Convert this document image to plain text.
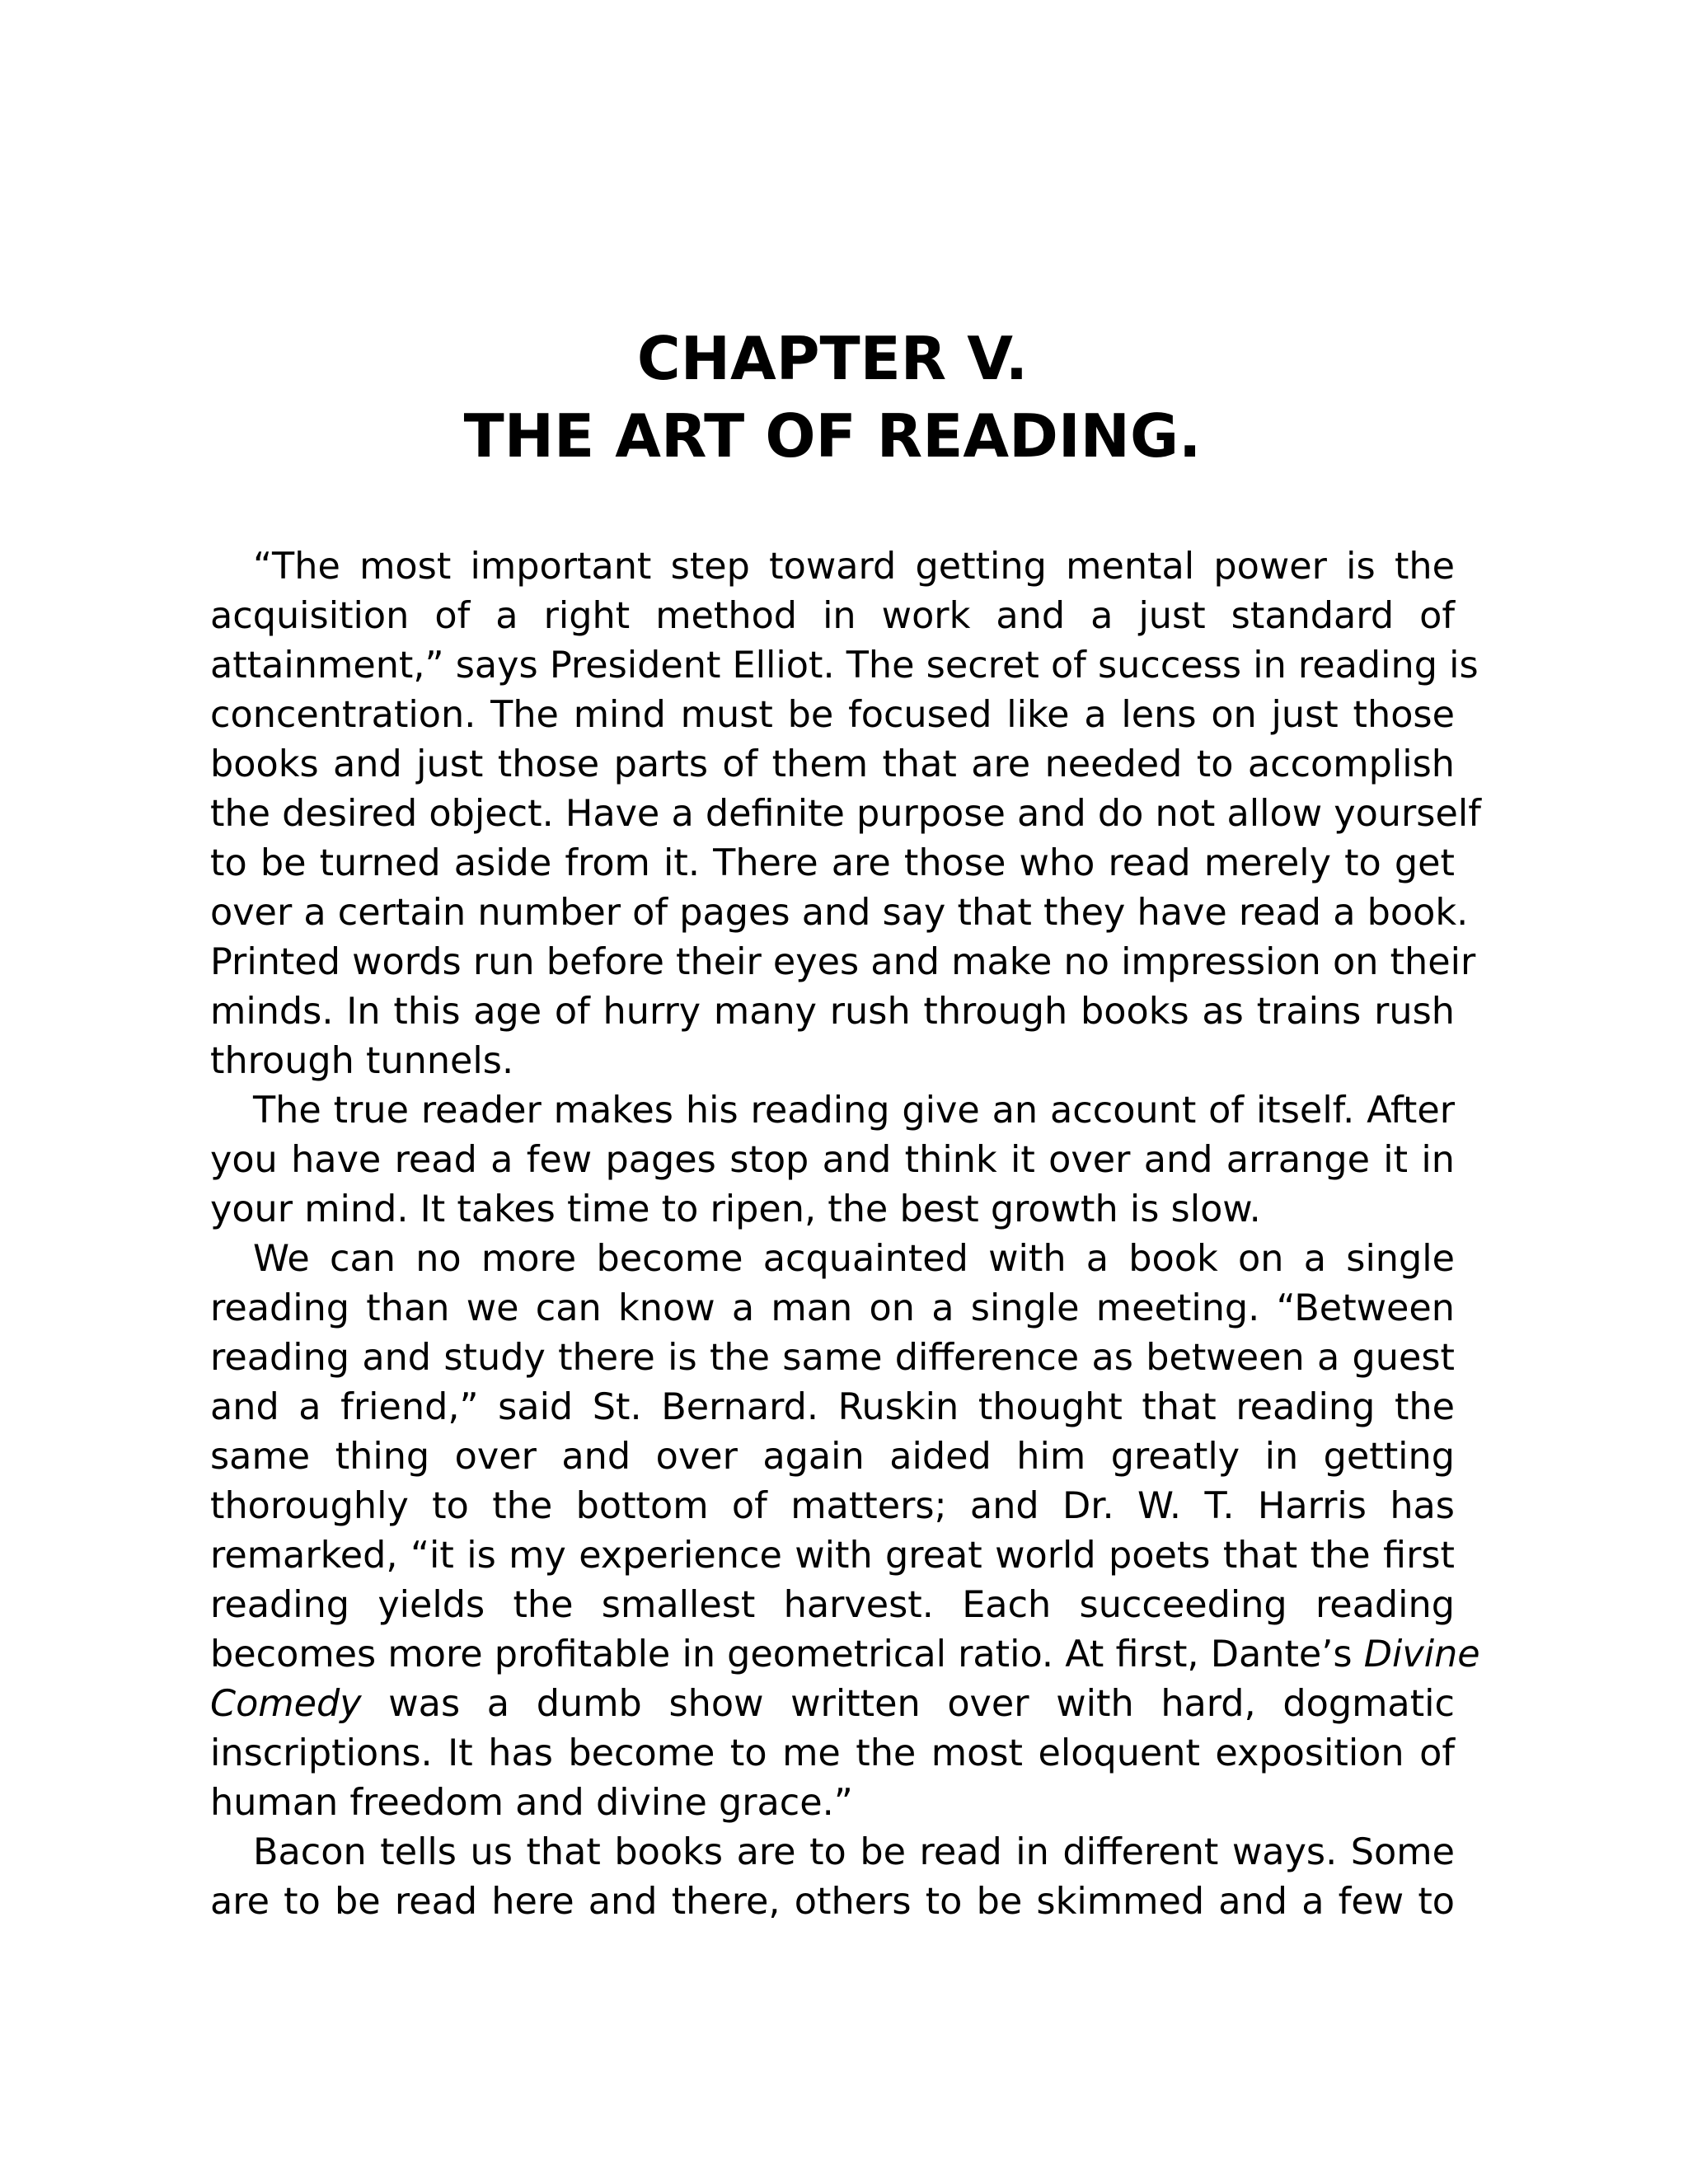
CHAPTER V.
THE ART OF READING.

“The most important step toward getting mental power is the
acquisition of a right method in work and a just standard of
attainment,” says President Elliot. The secret of success in reading is
concentration. The mind must be focused like a lens on just those
books and just those parts of them that are needed to accomplish
the desired object. Have a definite purpose and do not allow yourself
to be turned aside from it. There are those who read merely to get
over a certain number of pages and say that they have read a book.
Printed words run before their eyes and make no impression on their
minds. In this age of hurry many rush through books as trains rush
through tunnels.

The true reader makes his reading give an account of itself. After
you have read a few pages stop and think it over and arrange it in
your mind. It takes time to ripen, the best growth is slow.

We can no more become acquainted with a book on a single
reading than we can know a man on a single meeting. “Between
reading and study there is the same difference as between a guest
and a friend,” said St. Bernard. Ruskin thought that reading the
same thing over and over again aided him greatly in getting
thoroughly to the bottom of matters; and Dr. W. T. Harris has
remarked, “it is my experience with great world poets that the first
reading yields the smallest harvest. Each succeeding reading
becomes more profitable in geometrical ratio. At first, Dante’s Divine
Comedy was a dumb show written over with hard, dogmatic
inscriptions. It has become to me the most eloquent exposition of
human freedom and divine grace.”

Bacon tells us that books are to be read in different ways. Some
are to be read here and there, others to be skimmed and a few to
